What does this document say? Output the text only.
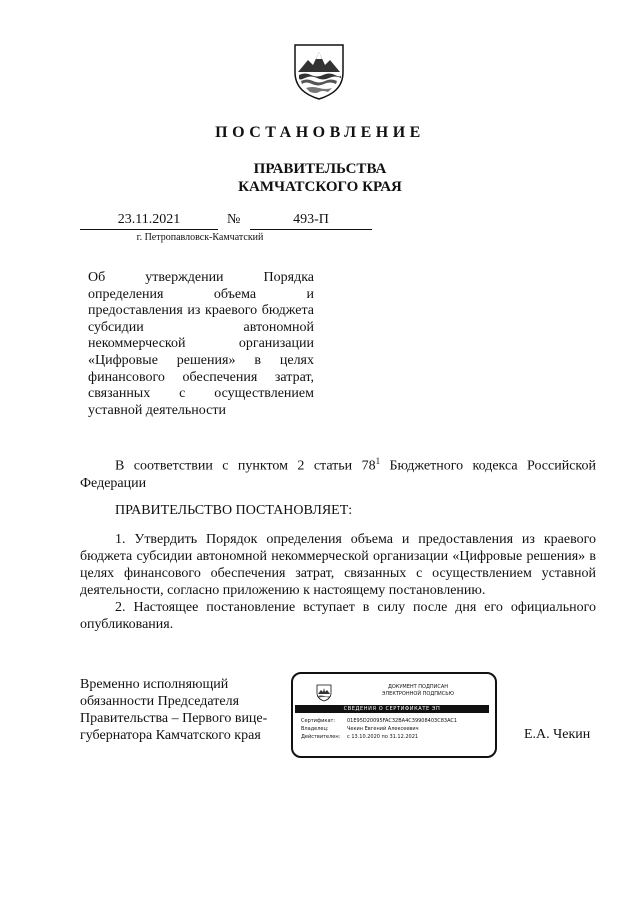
ПОСТАНОВЛЕНИЕ
ПРАВИТЕЛЬСТВА
КАМЧАТСКОГО КРАЯ
23.11.2021	№	493-П
г. Петропавловск-Камчатский
Об утверждении Порядка определения объема и предоставления из краевого бюджета субсидии автономной некоммерческой организации «Цифровые решения» в целях финансового обеспечения затрат, связанных с осуществлением уставной деятельности
В соответствии с пунктом 2 статьи $78^1$ Бюджетного кодекса Российской Федерации
ПРАВИТЕЛЬСТВО ПОСТАНОВЛЯЕТ:
1. Утвердить Порядок определения объема и предоставления из краевого бюджета субсидии автономной некоммерческой организации «Цифровые решения» в целях финансового обеспечения затрат, связанных с осуществлением уставной деятельности, согласно приложению к настоящему постановлению.
2. Настоящее постановление вступает в силу после дня его официального опубликования.
Временно исполняющий
обязанности Председателя
Правительства – Первого вице-
губернатора Камчатского края
ДОКУМЕНТ ПОДПИСАН
ЭЛЕКТРОННОЙ ПОДПИСЬЮ
СВЕДЕНИЯ О СЕРТИФИКАТЕ ЭП
Сертификат: 01E95D20095FAC32BA4C39908403C83AC1
Владелец:	Чекин Евгений Алексеевич
Действителен: с 13.10.2020 по 31.12.2021	Е.А. Чекин
